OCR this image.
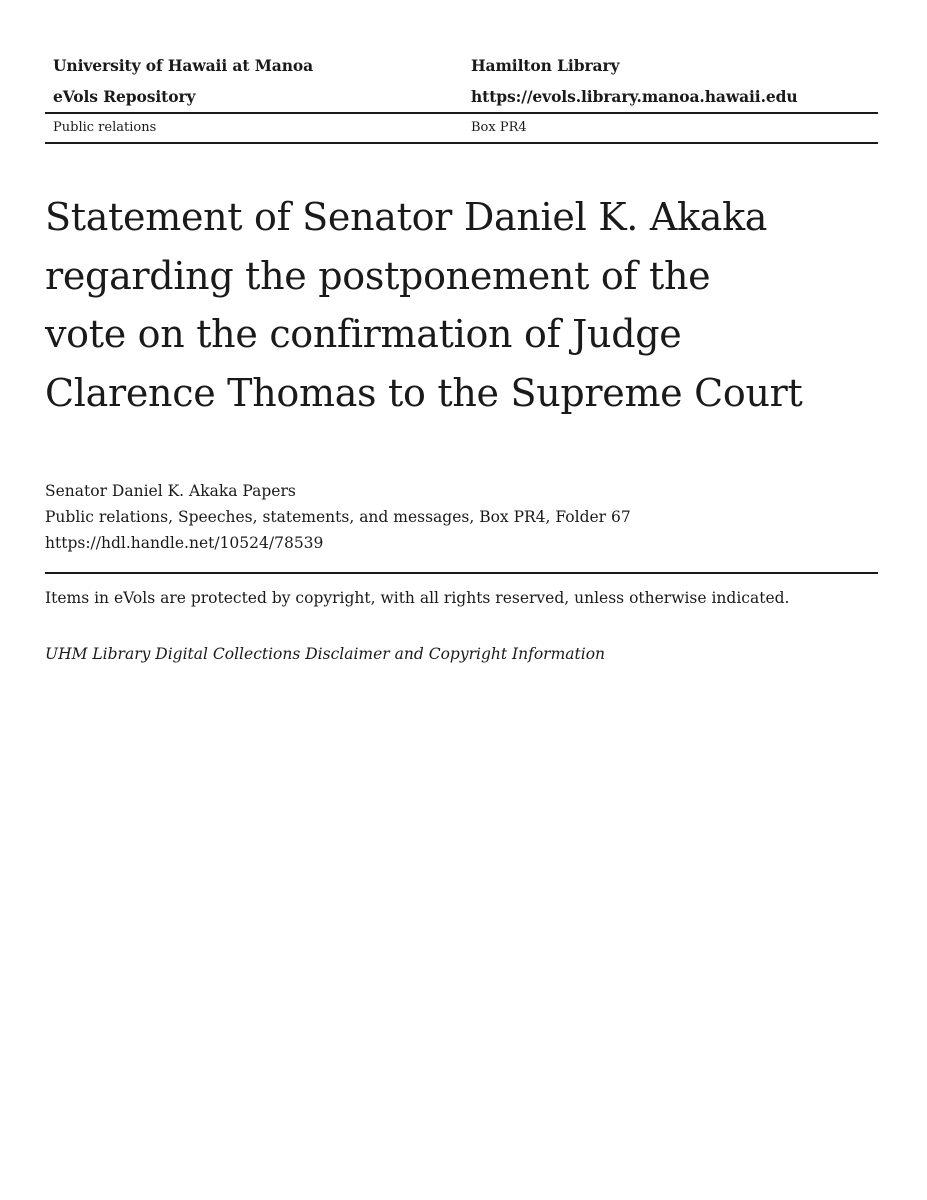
University of Hawaii at Manoa	Hamilton Library
eVols Repository	https://evols.library.manoa.hawaii.edu
Public relations	Box PR4
Statement of Senator Daniel K. Akaka
regarding the postponement of the
vote on the confirmation of Judge
Clarence Thomas to the Supreme Court
Senator Daniel K. Akaka Papers
Public relations, Speeches, statements, and messages, Box PR4, Folder 67
https://hdl.handle.net/10524/78539
Items in eVols are protected by copyright, with all rights reserved, unless otherwise indicated.
UHM Library Digital Collections Disclaimer and Copyright Information
